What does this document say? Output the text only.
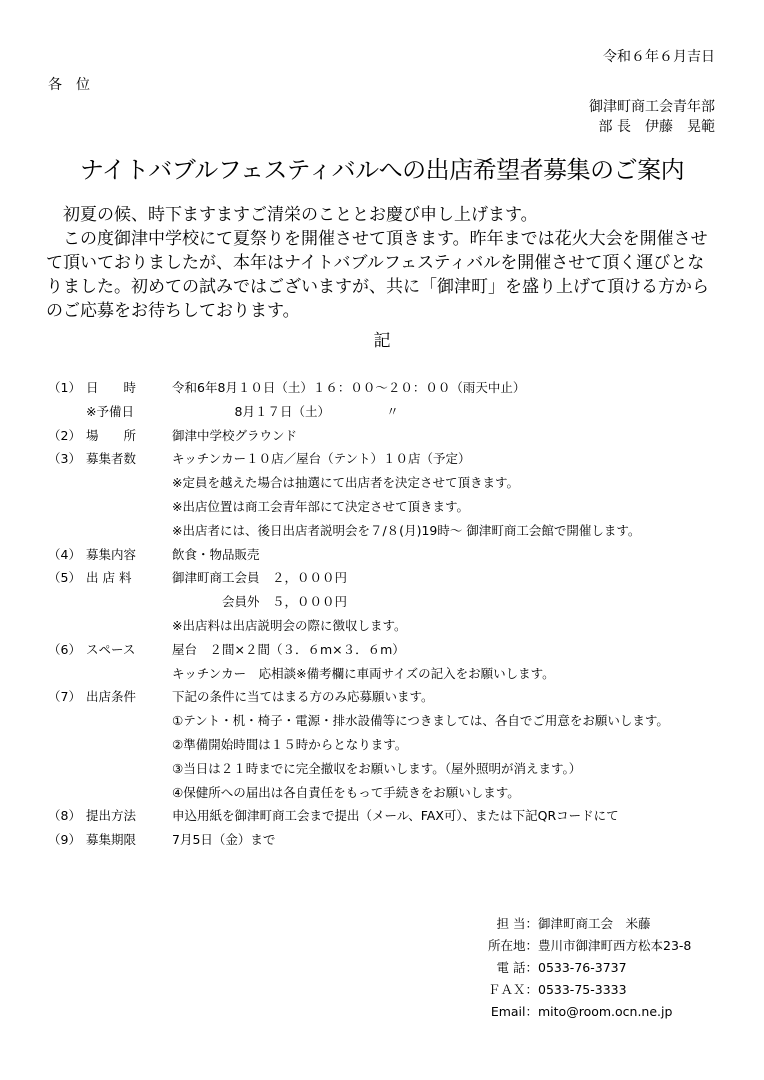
令和６年６月吉日
各位
御津町商工会青年部
部 長　伊藤　晃範
ナイトバブルフェスティバルへの出店希望者募集のご案内

初夏の候、時下ますますご清栄のこととお慶び申し上げます。

この度御津中学校にて夏祭りを開催させて頂きます。昨年までは花火大会を開催させて頂いておりましたが、本年はナイトバブルフェスティバルを開催させて頂く運びとなりました。初めての試みではございますが、共に「御津町」を盛り上げて頂ける方からのご応募をお待ちしております。

記
（1） 日　　時	令和6年8月１０日（土）１６：００～２０：００（雨天中止）
※予備日	　　　　　8月１７日（土）　　　　　〃
（2） 場　　所	御津中学校グラウンド
（3） 募集者数	キッチンカー１０店／屋台（テント）１０店（予定）
※定員を越えた場合は抽選にて出店者を決定させて頂きます。
※出店位置は商工会青年部にて決定させて頂きます。
※出店者には、後日出店者説明会を７/８(月)19時～ 御津町商工会館で開催します。
（4） 募集内容	飲食・物品販売
（5） 出 店 料	御津町商工会員　２，０００円
　　　　会員外　５，０００円
※出店料は出店説明会の際に徴収します。
（6） スペース	屋台　２間×２間（３．６m×３．６m）
キッチンカー　応相談※備考欄に車両サイズの記入をお願いします。
（7） 出店条件	下記の条件に当てはまる方のみ応募願います。
①テント・机・椅子・電源・排水設備等につきましては、各自でご用意をお願いします。
②準備開始時間は１５時からとなります。
③当日は２１時までに完全撤収をお願いします。（屋外照明が消えます。）
④保健所への届出は各自責任をもって手続きをお願いします。
（8） 提出方法	申込用紙を御津町商工会まで提出（メール、FAX可）、または下記QRコードにて
（9） 募集期限	7月5日（金）まで
担 当： 御津町商工会　米藤
所在地： 豊川市御津町西方松本23-8
電 話： 0533-76-3737
ＦＡＸ： 0533-75-3333
Email： mito@room.ocn.ne.jp
